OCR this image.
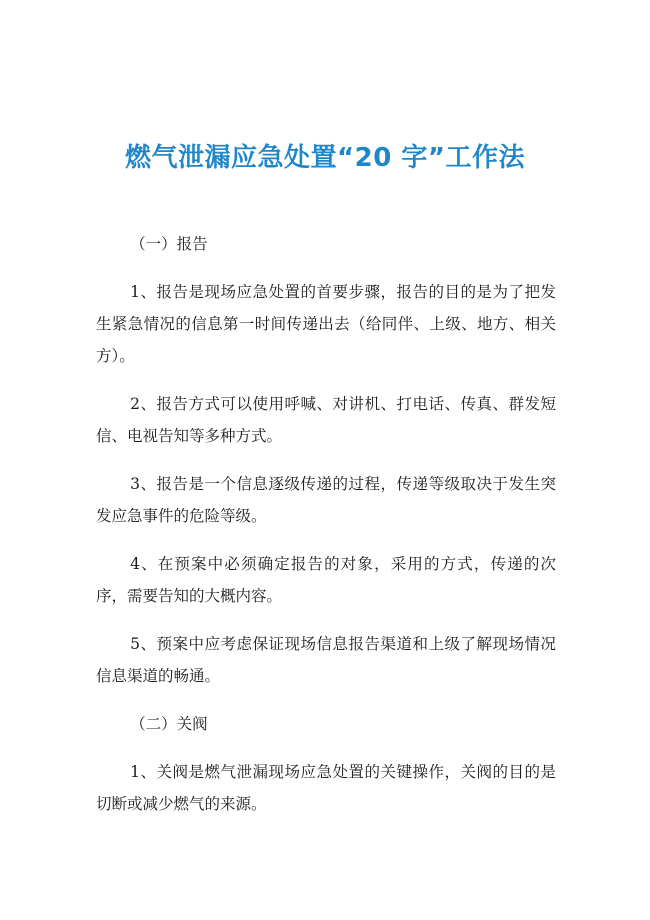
燃气泄漏应急处置“20 字”工作法

（一）报告

1、报告是现场应急处置的首要步骤，报告的目的是为了把发生紧急情况的信息第一时间传递出去（给同伴、上级、地方、相关方）。

2、报告方式可以使用呼喊、对讲机、打电话、传真、群发短信、电视告知等多种方式。

3、报告是一个信息逐级传递的过程，传递等级取决于发生突发应急事件的危险等级。

4、在预案中必须确定报告的对象，采用的方式，传递的次序，需要告知的大概内容。

5、预案中应考虑保证现场信息报告渠道和上级了解现场情况信息渠道的畅通。

（二）关阀

1、关阀是燃气泄漏现场应急处置的关键操作，关阀的目的是切断或减少燃气的来源。
